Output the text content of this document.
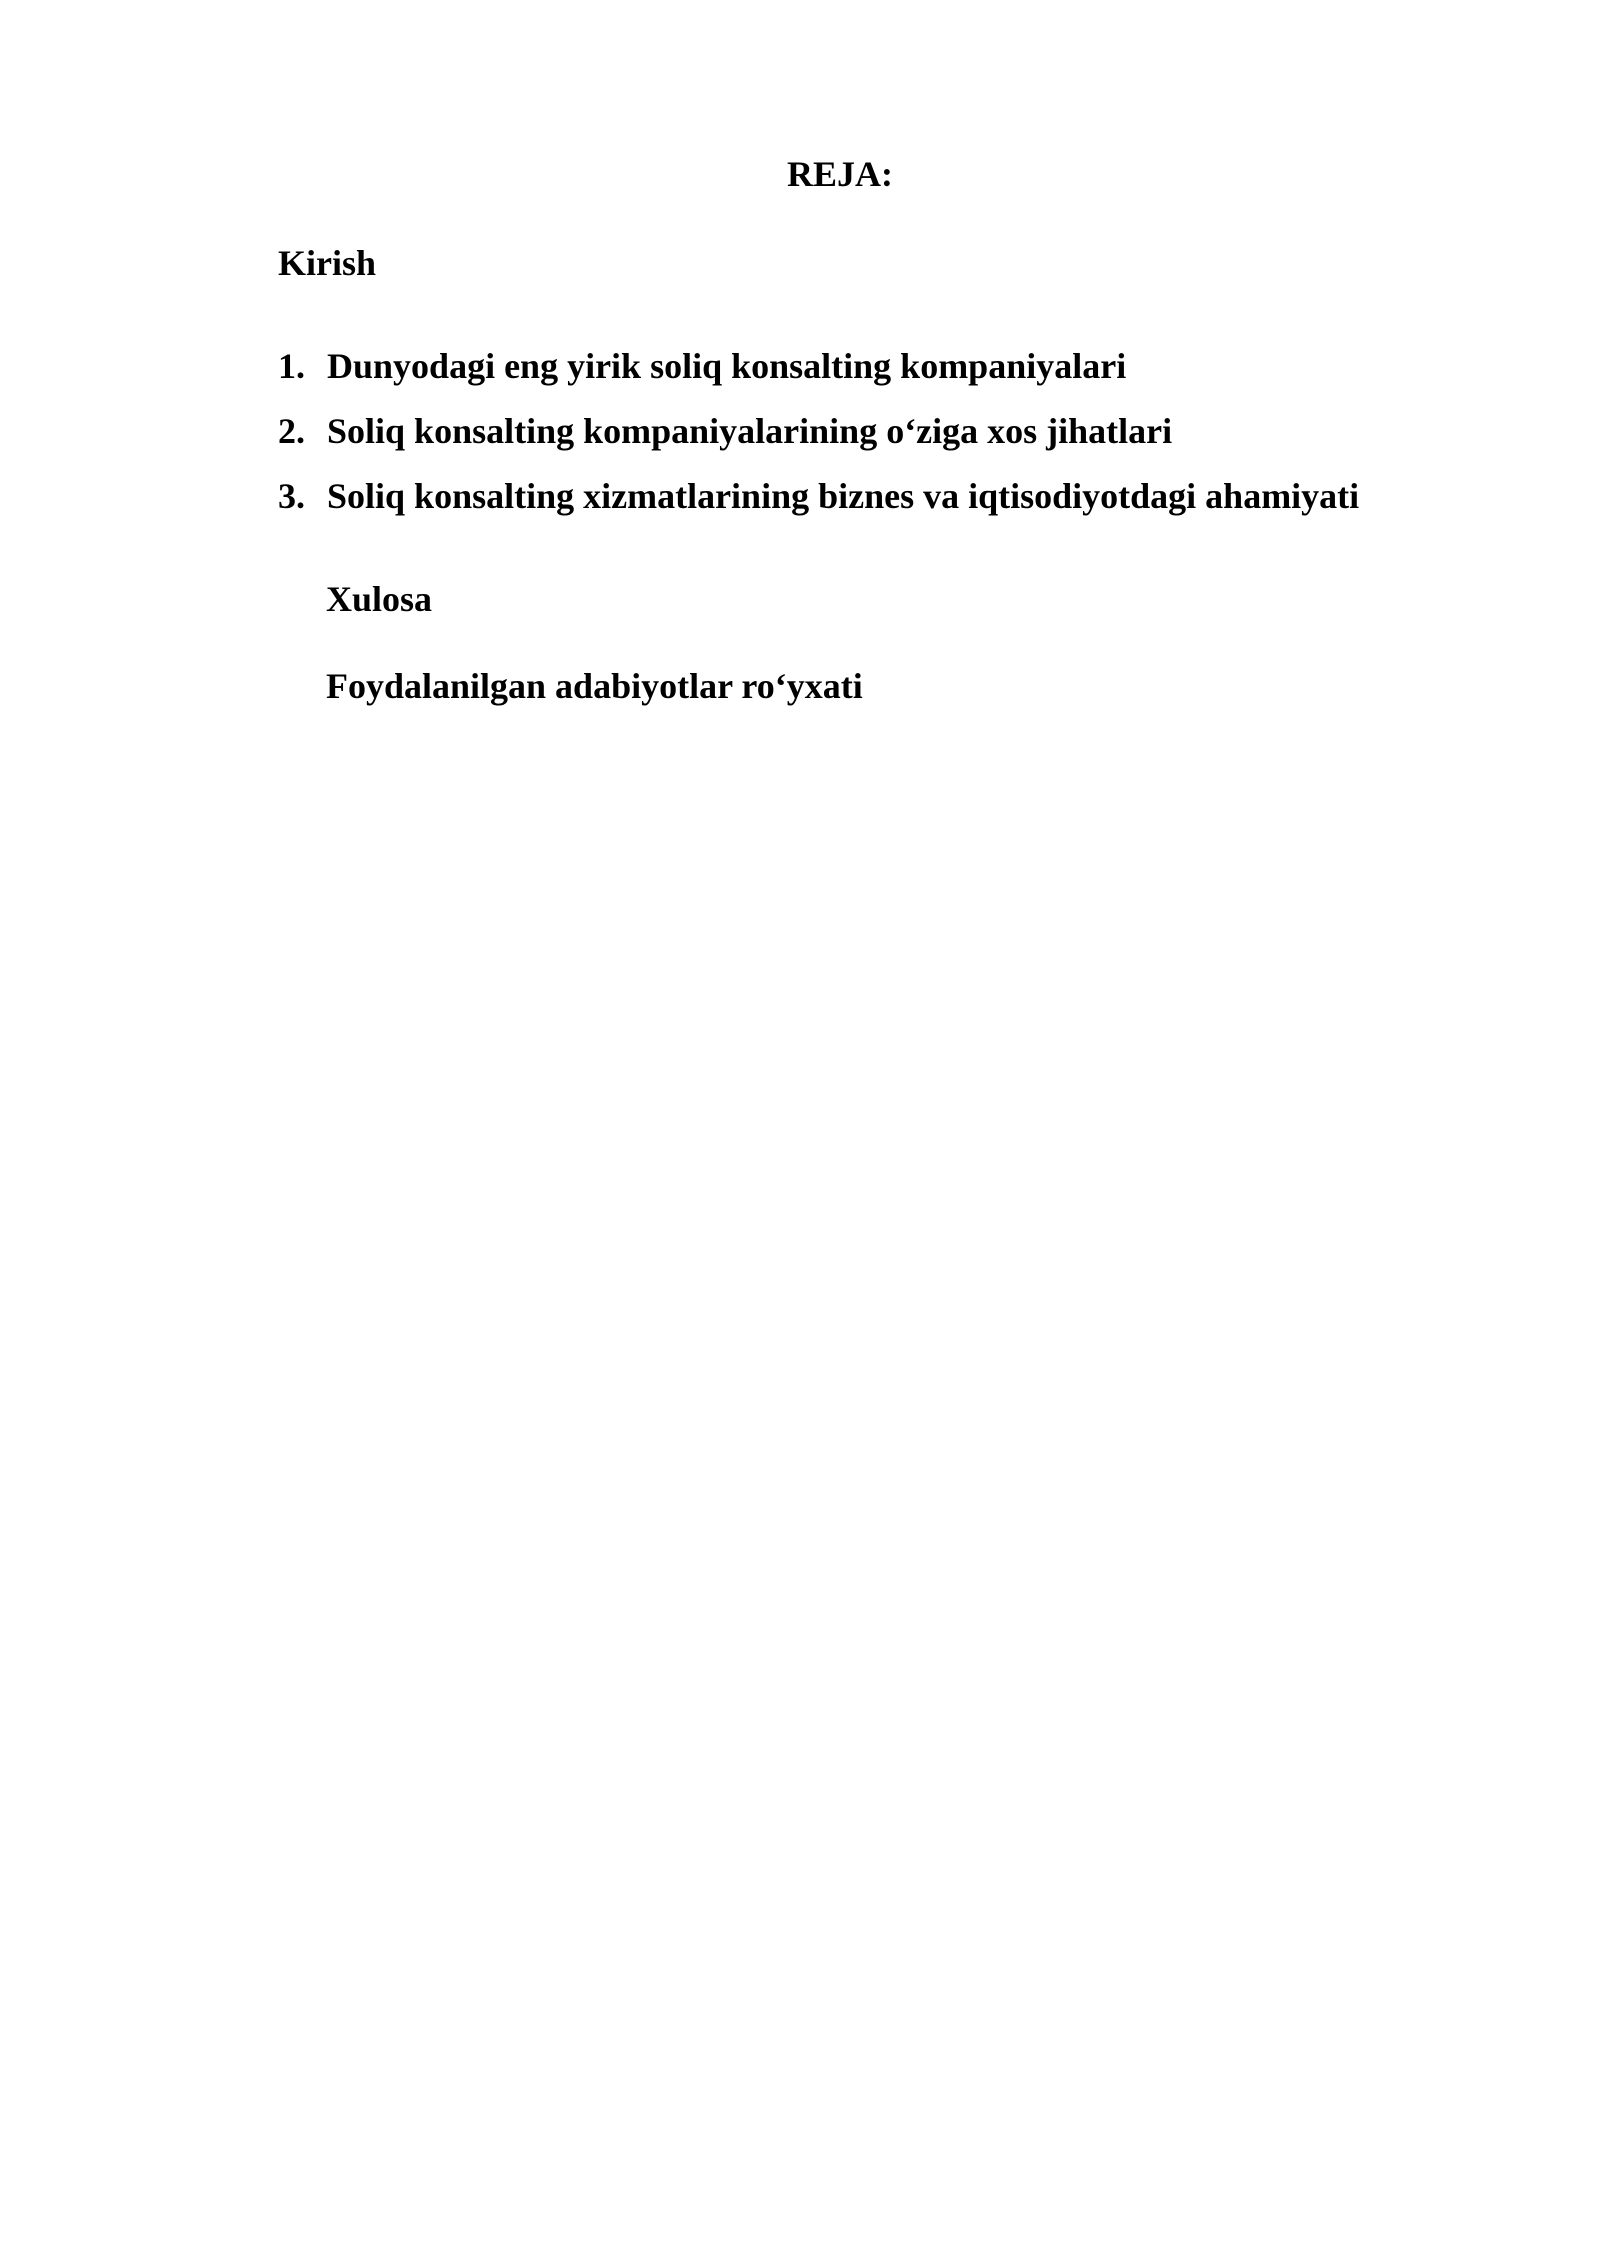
REJA:
Kirish
1. Dunyodagi eng yirik soliq konsalting kompaniyalari
2. Soliq konsalting kompaniyalarining o‘ziga xos jihatlari
3. Soliq konsalting xizmatlarining biznes va iqtisodiyotdagi ahamiyati
Xulosa
Foydalanilgan adabiyotlar ro‘yxati
